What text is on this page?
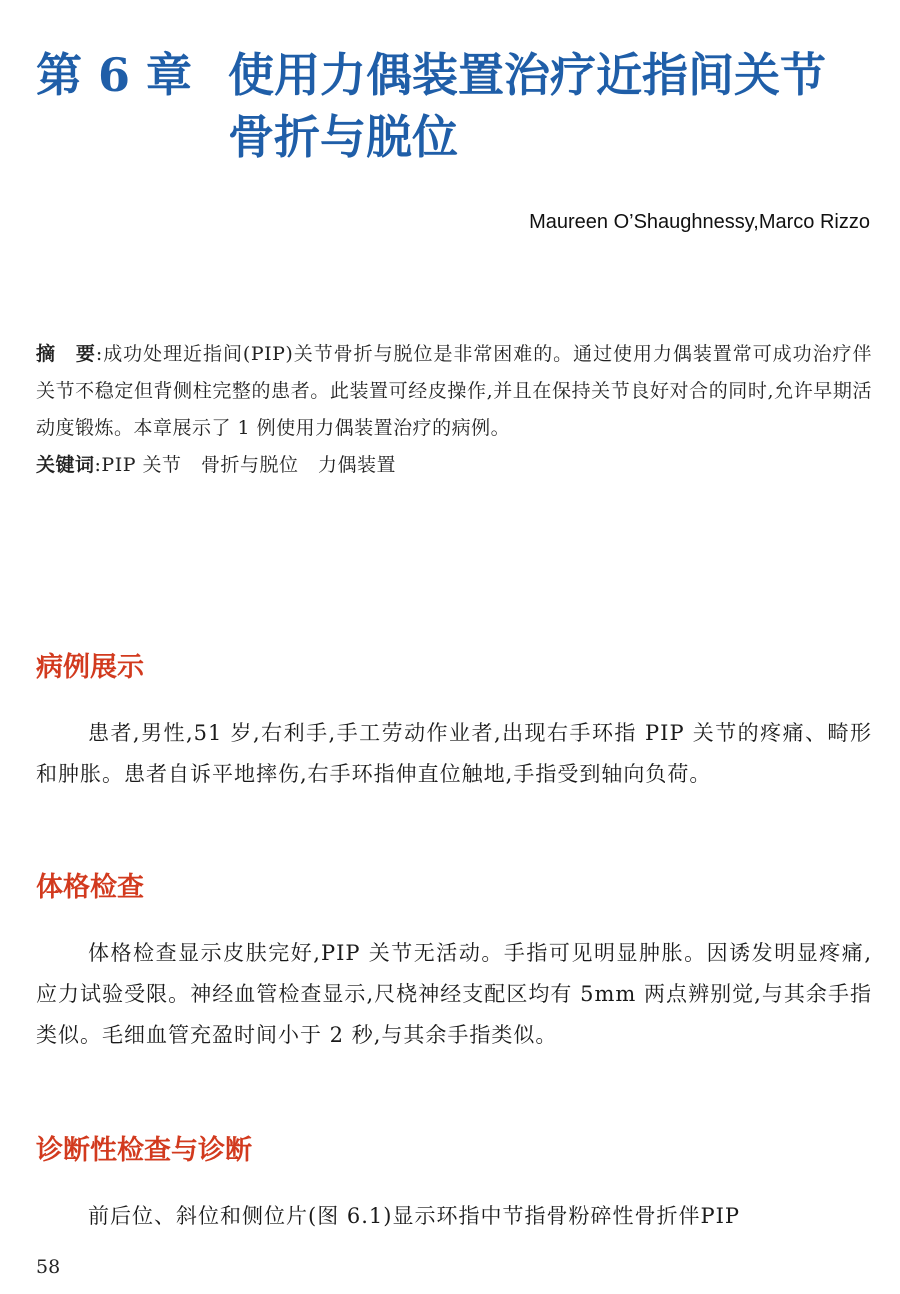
第 6 章 使用力偶装置治疗近指间关节
骨折与脱位
Maureen O’Shaughnessy,Marco Rizzo

摘　要:成功处理近指间(PIP)关节骨折与脱位是非常困难的。通过使用力偶装置常可成功治疗伴关节不稳定但背侧柱完整的患者。此装置可经皮操作,并且在保持关节良好对合的同时,允许早期活动度锻炼。本章展示了 1 例使用力偶装置治疗的病例。

关键词:PIP 关节　骨折与脱位　力偶装置

病例展示

患者,男性,51 岁,右利手,手工劳动作业者,出现右手环指 PIP 关节的疼痛、畸形和肿胀。患者自诉平地摔伤,右手环指伸直位触地,手指受到轴向负荷。

体格检查

体格检查显示皮肤完好,PIP 关节无活动。手指可见明显肿胀。因诱发明显疼痛,应力试验受限。神经血管检查显示,尺桡神经支配区均有 5mm 两点辨别觉,与其余手指类似。毛细血管充盈时间小于 2 秒,与其余手指类似。

诊断性检查与诊断

前后位、斜位和侧位片(图 6.1)显示环指中节指骨粉碎性骨折伴PIP

58
